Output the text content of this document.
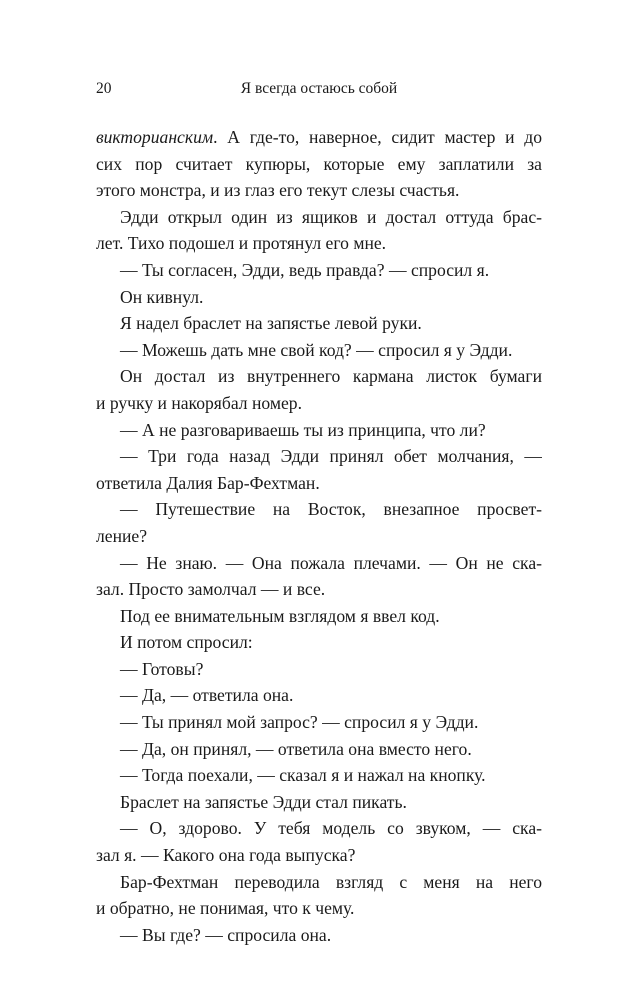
20	Я всегда остаюсь собой
викторианским. А где-то, наверное, сидит мастер и до
сих пор считает купюры, которые ему заплатили за
этого монстра, и из глаз его текут слезы счастья.
Эдди открыл один из ящиков и достал оттуда брас-
лет. Тихо подошел и протянул его мне.
— Ты согласен, Эдди, ведь правда? — спросил я.
Он кивнул.
Я надел браслет на запястье левой руки.
— Можешь дать мне свой код? — спросил я у Эдди.
Он достал из внутреннего кармана листок бумаги
и ручку и накорябал номер.
— А не разговариваешь ты из принципа, что ли?
— Три года назад Эдди принял обет молчания, —
ответила Далия Бар-Фехтман.
— Путешествие на Восток, внезапное просвет-
ление?
— Не знаю. — Она пожала плечами. — Он не ска-
зал. Просто замолчал — и все.
Под ее внимательным взглядом я ввел код.
И потом спросил:
— Готовы?
— Да, — ответила она.
— Ты принял мой запрос? — спросил я у Эдди.
— Да, он принял, — ответила она вместо него.
— Тогда поехали, — сказал я и нажал на кнопку.
Браслет на запястье Эдди стал пикать.
— О, здорово. У тебя модель со звуком, — ска-
зал я. — Какого она года выпуска?
Бар-Фехтман переводила взгляд с меня на него
и обратно, не понимая, что к чему.
— Вы где? — спросила она.
